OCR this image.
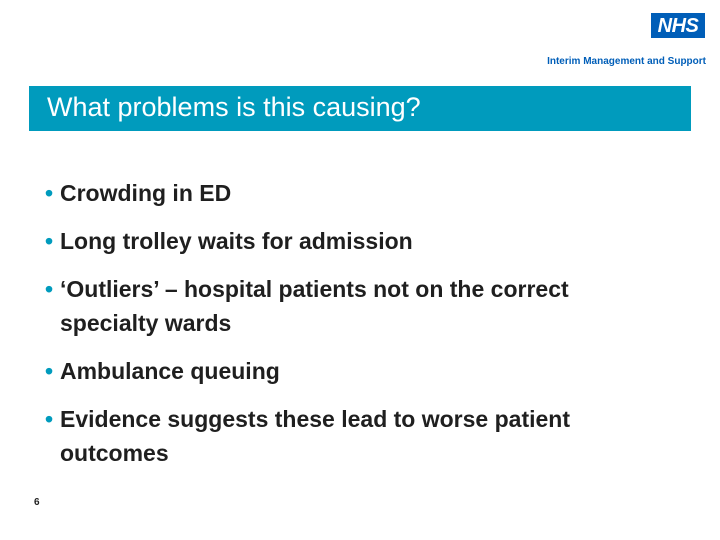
NHS
Interim Management and Support
What problems is this causing?
• Crowding in ED
• Long trolley waits for admission
• ‘Outliers’ – hospital patients not on the correct specialty wards
• Ambulance queuing
• Evidence suggests these lead to worse patient outcomes
6
